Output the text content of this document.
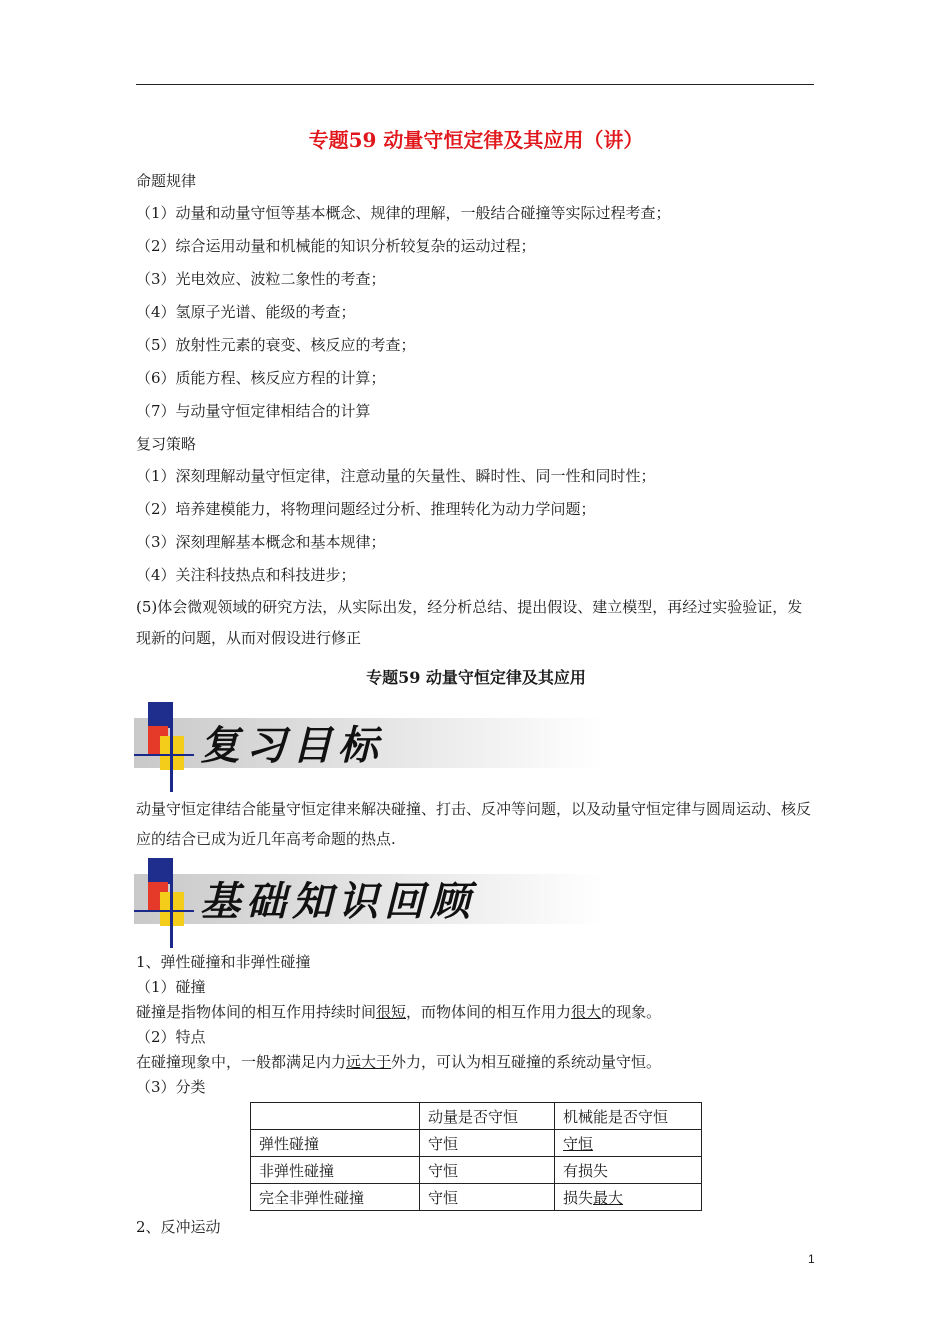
专题59 动量守恒定律及其应用（讲）
命题规律
（1）动量和动量守恒等基本概念、规律的理解，一般结合碰撞等实际过程考查；
（2）综合运用动量和机械能的知识分析较复杂的运动过程；
（3）光电效应、波粒二象性的考查；
（4）氢原子光谱、能级的考查；
（5）放射性元素的衰变、核反应的考查；
（6）质能方程、核反应方程的计算；
（7）与动量守恒定律相结合的计算
复习策略
（1）深刻理解动量守恒定律，注意动量的矢量性、瞬时性、同一性和同时性；
（2）培养建模能力，将物理问题经过分析、推理转化为动力学问题；
（3）深刻理解基本概念和基本规律；
（4）关注科技热点和科技进步；
(5)体会微观领域的研究方法，从实际出发，经分析总结、提出假设、建立模型，再经过实验验证，发现新的问题，从而对假设进行修正
专题59 动量守恒定律及其应用
复习目标
动量守恒定律结合能量守恒定律来解决碰撞、打击、反冲等问题，以及动量守恒定律与圆周运动、核反应的结合已成为近几年高考命题的热点.
基础知识回顾
1、弹性碰撞和非弹性碰撞
（1）碰撞
碰撞是指物体间的相互作用持续时间很短，而物体间的相互作用力很大的现象。
（2）特点
在碰撞现象中，一般都满足内力远大于外力，可认为相互碰撞的系统动量守恒。
（3）分类
	动量是否守恒	机械能是否守恒
弹性碰撞	守恒	守恒
非弹性碰撞	守恒	有损失
完全非弹性碰撞	守恒	损失最大
2、反冲运动
1
